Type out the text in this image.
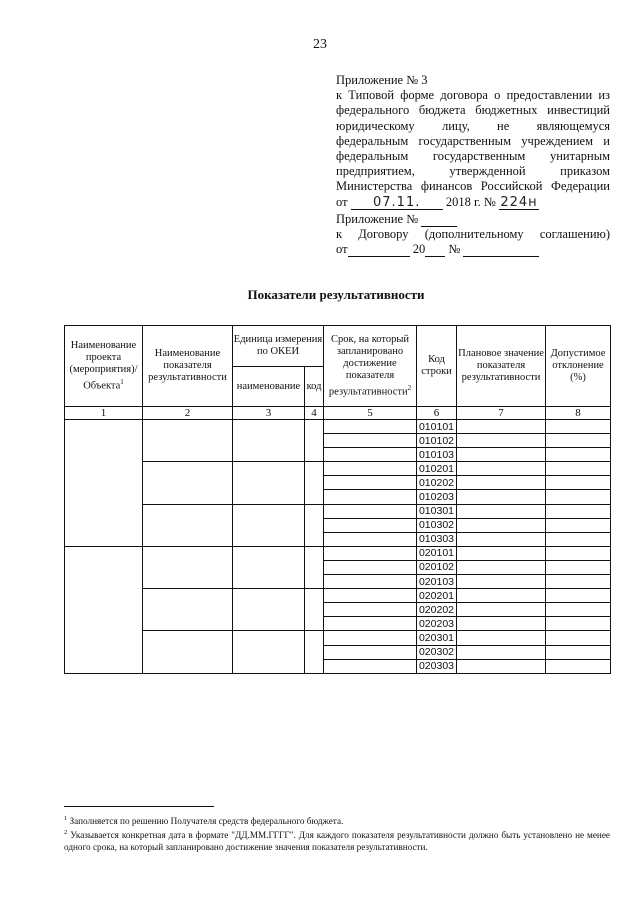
23
Приложение № 3
к Типовой форме договора о предоставлении из
федерального бюджета бюджетных инвестиций
юридическому лицу, не являющемуся
федеральным государственным учреждением и
федеральным государственным унитарным
предприятием,	утвержденной	приказом
Министерства финансов Российской Федерации
от 07.11. 2018 г. № 224н
Приложение №
к Договору (дополнительному соглашению)
от	20 №
Показатели результативности
Наименование проекта (мероприятия)/ Объекта$^1$	Наименование показателя результативности	Единица измерения по ОКЕИ		Срок, на который запланировано достижение показателя результативности$^2$	Код строки	Плановое значение показателя результативности	Допустимое отклонение (%)
		наименование	код				
1	2	3	4	5	6	7	8
					010101		
					010102		
					010103		
					010201		
					010202		
					010203		
					010301		
					010302		
					010303		
					020101		
					020102		
					020103		
					020201		
					020202		
					020203		
					020301		
					020302		
					020303		

$^1$ Заполняется по решению Получателя средств федерального бюджета.

$^2$ Указывается конкретная дата в формате "ДД.ММ.ГГГГ". Для каждого показателя результативности должно быть установлено не менее одного срока, на который запланировано достижение значения показателя результативности.
